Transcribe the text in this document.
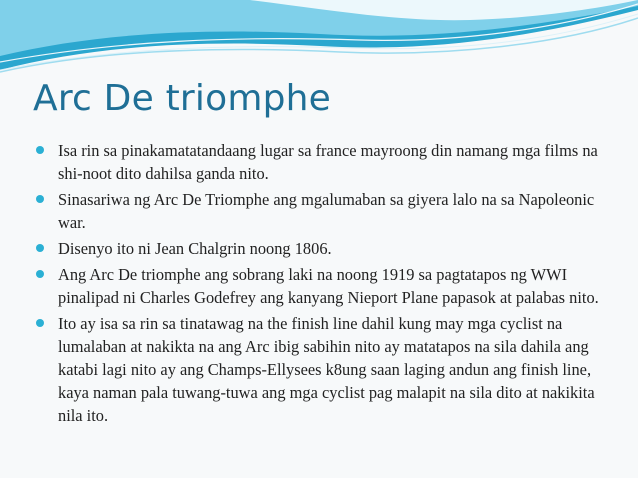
Arc De triomphe
Isa rin sa pinakamatatandaang lugar sa france mayroong din namang mga films na shi-noot dito dahilsa ganda nito.
Sinasariwa ng Arc De Triomphe ang mgalumaban sa giyera lalo na sa Napoleonic war.
Disenyo ito ni Jean Chalgrin noong 1806.
Ang Arc De triomphe ang sobrang laki na noong 1919 sa pagtatapos ng WWI pinalipad ni Charles Godefrey ang kanyang Nieport Plane papasok at palabas nito.
Ito ay isa sa rin sa tinatawag na the finish line dahil kung may mga cyclist na lumalaban at nakikta na ang Arc ibig sabihin nito ay matatapos na sila dahila ang katabi lagi nito ay ang Champs-Ellysees k8ung saan laging andun ang finish line, kaya naman pala tuwang-tuwa ang mga cyclist pag malapit na sila dito at nakikita nila ito.
